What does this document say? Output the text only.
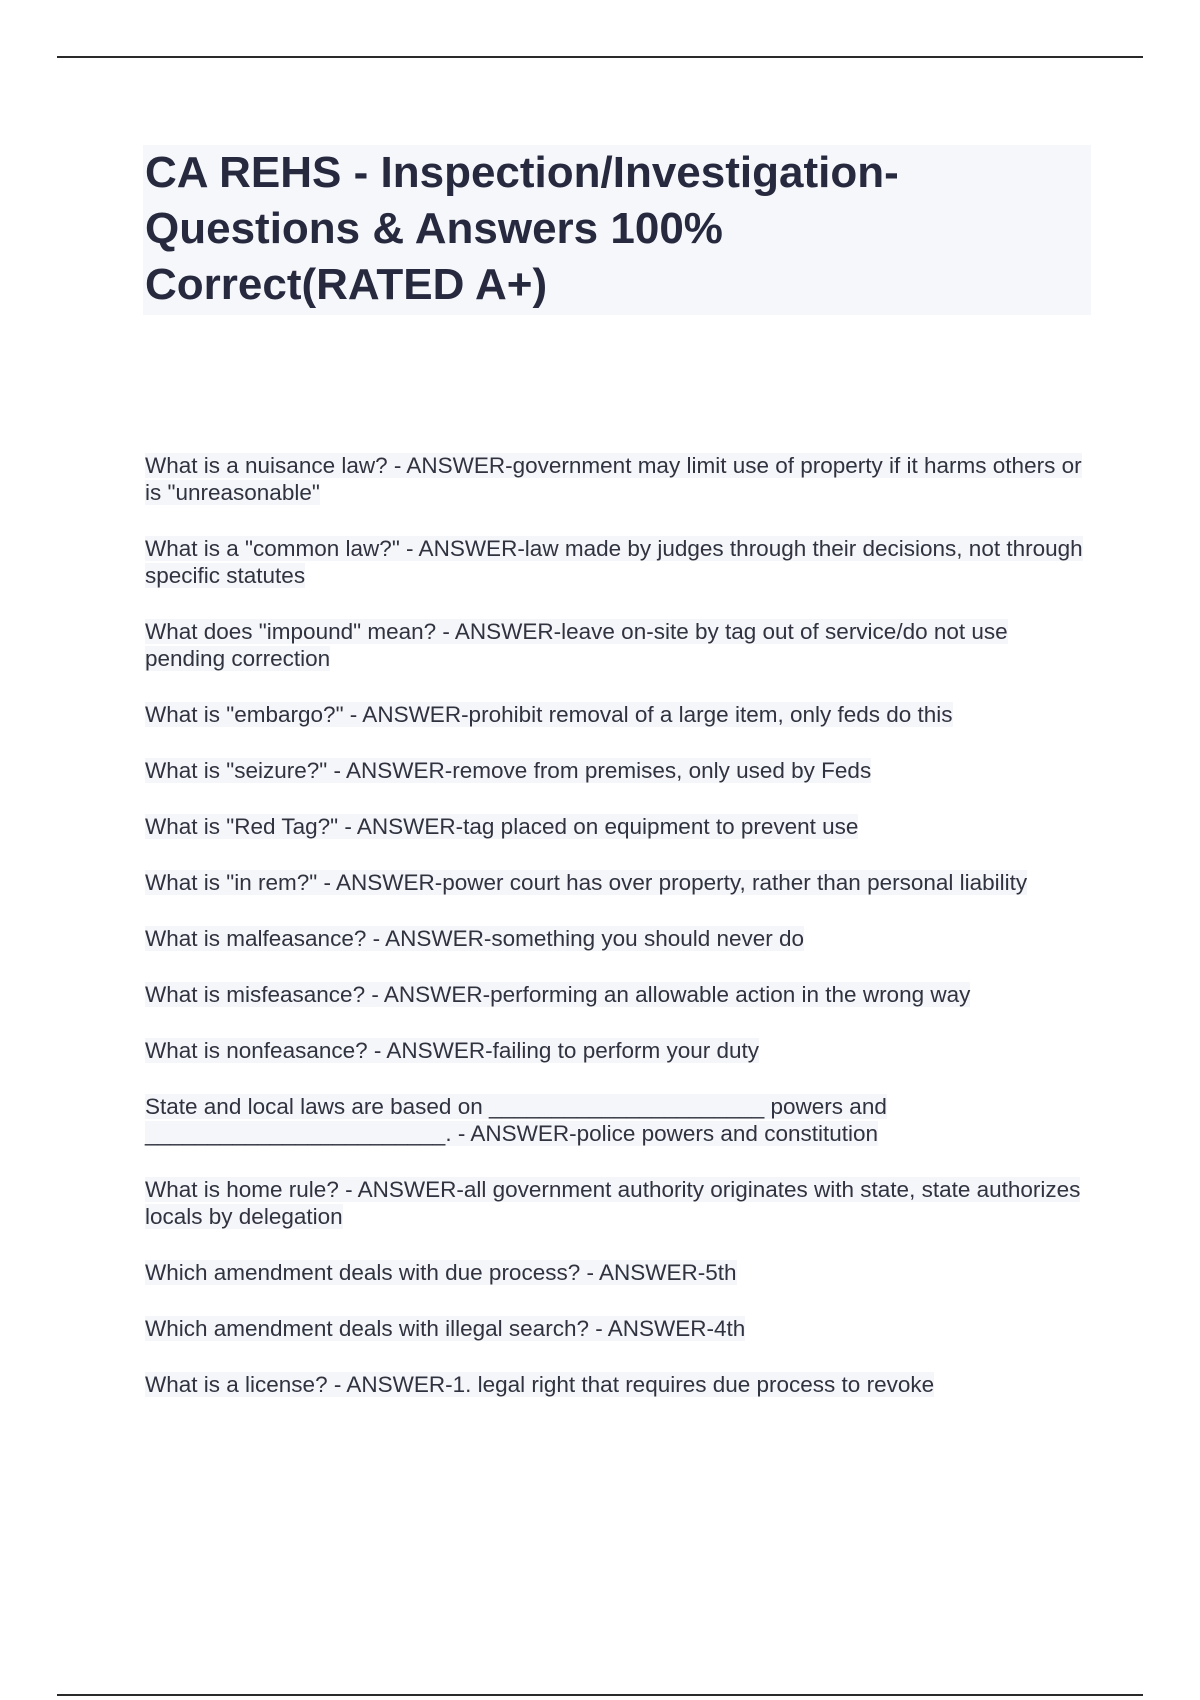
CA REHS - Inspection/Investigation-
Questions & Answers 100%
Correct(RATED A+)

What is a nuisance law? - ANSWER-government may limit use of property if it harms others or is "unreasonable"

What is a "common law?" - ANSWER-law made by judges through their decisions, not through specific statutes

What does "impound" mean? - ANSWER-leave on-site by tag out of service/do not use pending correction

What is "embargo?" - ANSWER-prohibit removal of a large item, only feds do this

What is "seizure?" - ANSWER-remove from premises, only used by Feds

What is "Red Tag?" - ANSWER-tag placed on equipment to prevent use

What is "in rem?" - ANSWER-power court has over property, rather than personal liability

What is malfeasance? - ANSWER-something you should never do

What is misfeasance? - ANSWER-performing an allowable action in the wrong way

What is nonfeasance? - ANSWER-failing to perform your duty

State and local laws are based on ______________________ powers and ________________________. - ANSWER-police powers and constitution

What is home rule? - ANSWER-all government authority originates with state, state authorizes locals by delegation

Which amendment deals with due process? - ANSWER-5th

Which amendment deals with illegal search? - ANSWER-4th

What is a license? - ANSWER-1. legal right that requires due process to revoke
